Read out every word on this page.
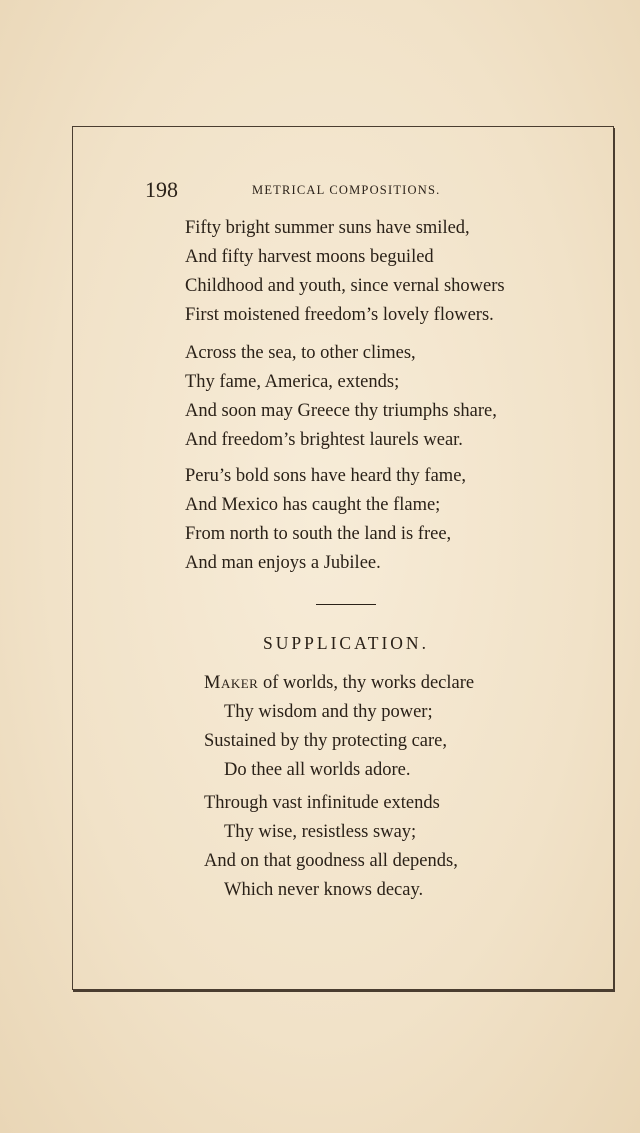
198	METRICAL COMPOSITIONS.
Fifty bright summer suns have smiled,
And fifty harvest moons beguiled
Childhood and youth, since vernal showers
First moistened freedom’s lovely flowers.
Across the sea, to other climes,
Thy fame, America, extends;
And soon may Greece thy triumphs share,
And freedom’s brightest laurels wear.
Peru’s bold sons have heard thy fame,
And Mexico has caught the flame;
From north to south the land is free,
And man enjoys a Jubilee.
SUPPLICATION.
Maker of worlds, thy works declare
Thy wisdom and thy power;
Sustained by thy protecting care,
Do thee all worlds adore.
Through vast infinitude extends
Thy wise, resistless sway;
And on that goodness all depends,
Which never knows decay.
